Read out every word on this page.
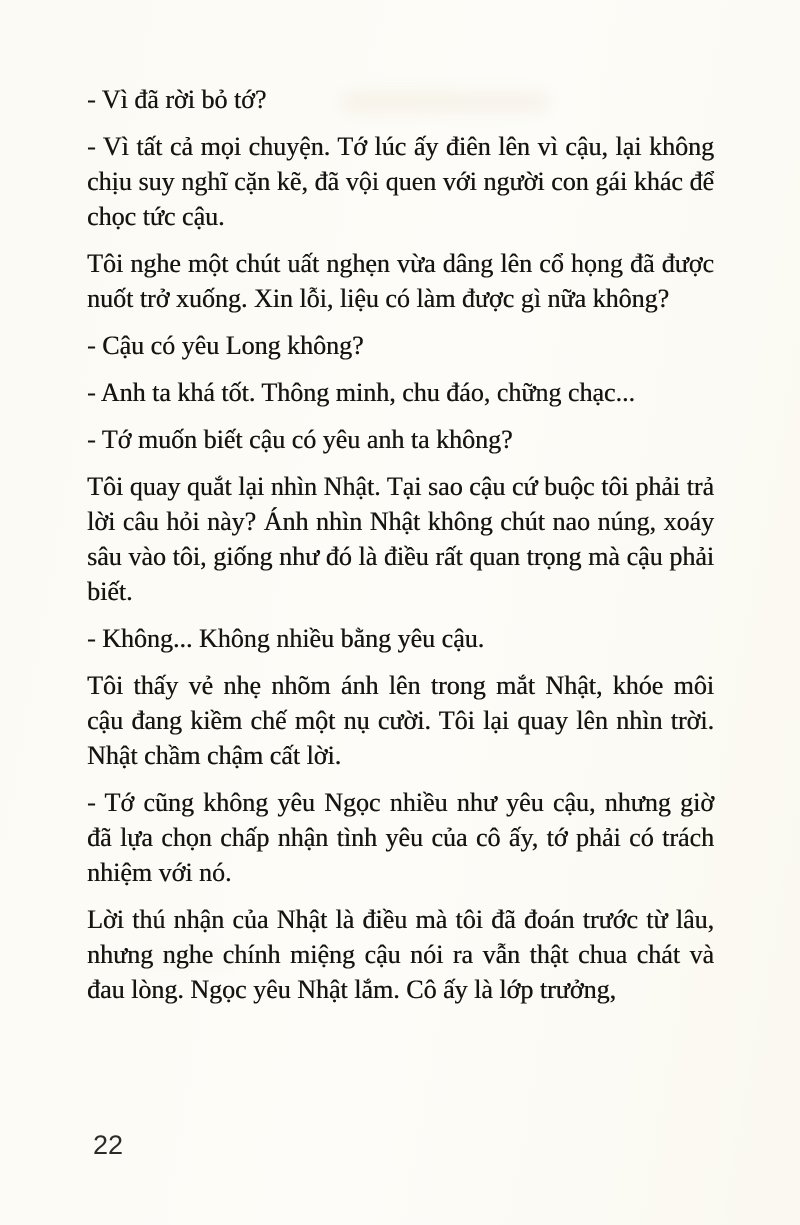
- Vì đã rời bỏ tớ?

- Vì tất cả mọi chuyện. Tớ lúc ấy điên lên vì cậu, lại không chịu suy nghĩ cặn kẽ, đã vội quen với người con gái khác để chọc tức cậu.

Tôi nghe một chút uất nghẹn vừa dâng lên cổ họng đã được nuốt trở xuống. Xin lỗi, liệu có làm được gì nữa không?

- Cậu có yêu Long không?

- Anh ta khá tốt. Thông minh, chu đáo, chững chạc...

- Tớ muốn biết cậu có yêu anh ta không?

Tôi quay quắt lại nhìn Nhật. Tại sao cậu cứ buộc tôi phải trả lời câu hỏi này? Ánh nhìn Nhật không chút nao núng, xoáy sâu vào tôi, giống như đó là điều rất quan trọng mà cậu phải biết.

- Không... Không nhiều bằng yêu cậu.

Tôi thấy vẻ nhẹ nhõm ánh lên trong mắt Nhật, khóe môi cậu đang kiềm chế một nụ cười. Tôi lại quay lên nhìn trời. Nhật chầm chậm cất lời.

- Tớ cũng không yêu Ngọc nhiều như yêu cậu, nhưng giờ đã lựa chọn chấp nhận tình yêu của cô ấy, tớ phải có trách nhiệm với nó.

Lời thú nhận của Nhật là điều mà tôi đã đoán trước từ lâu, nhưng nghe chính miệng cậu nói ra vẫn thật chua chát và đau lòng. Ngọc yêu Nhật lắm. Cô ấy là lớp trưởng,

22
